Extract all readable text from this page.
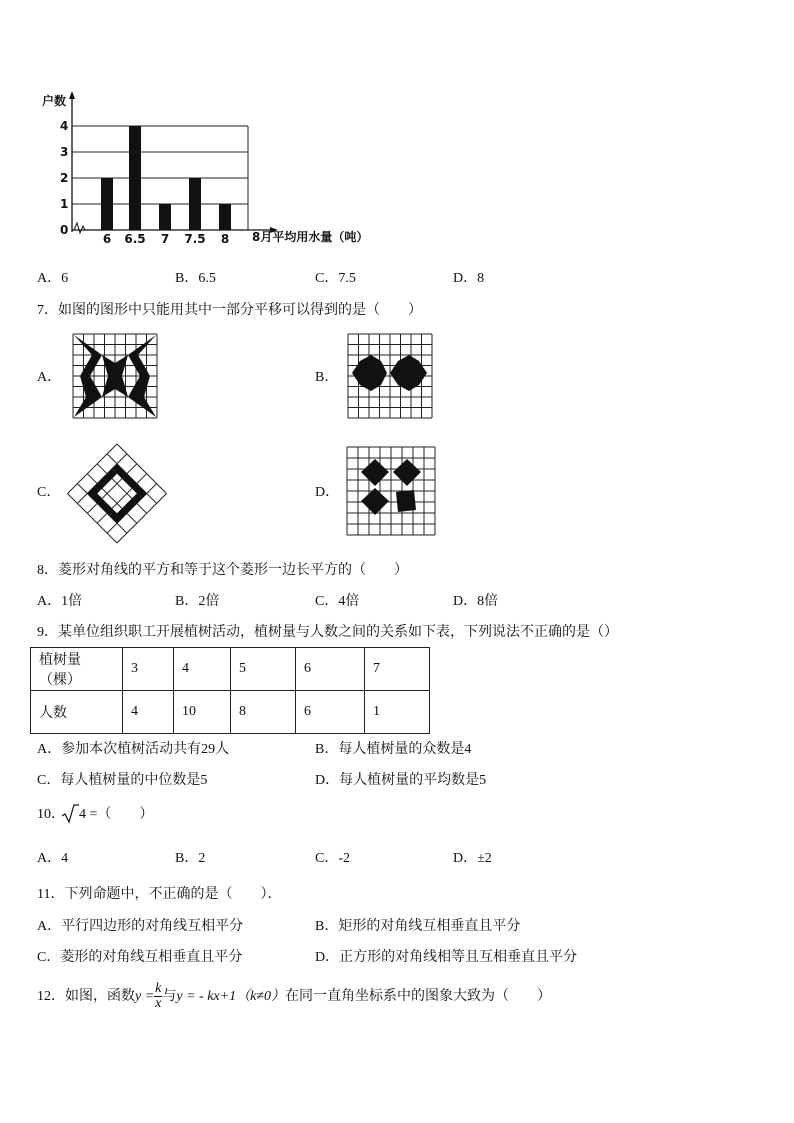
户数
0
1
2
3
4
6 6.5 7 7.5 8 8月平均用水量（吨）
A．6	B．6.5	C．7.5	D．8
7．如图的图形中只能用其中一部分平移可以得到的是（　　）
A．	B．
C．	D．
8．菱形对角线的平方和等于这个菱形一边长平方的（　　）
A．1倍	B．2倍	C．4倍	D．8倍
9．某单位组织职工开展植树活动，植树量与人数之间的关系如下表，下列说法不正确的是（）
植树量（棵）	3	4	5	6	7
人数	4	10	8	6	1
A．参加本次植树活动共有29人	B．每人植树量的众数是4
C．每人植树量的中位数是5	D．每人植树量的平均数是5
10． 4 =（　　）
A．4	B．2	C．-2	D．±2
11．下列命题中，不正确的是（　　）．
A．平行四边形的对角线互相平分	B．矩形的对角线互相垂直且平分
C．菱形的对角线互相垂直且平分	D．正方形的对角线相等且互相垂直且平分
12．如图，函数$y = \frac{k}{x}$ 与y = - kx+1（k≠0）在同一直角坐标系中的图象大致为（　　）
